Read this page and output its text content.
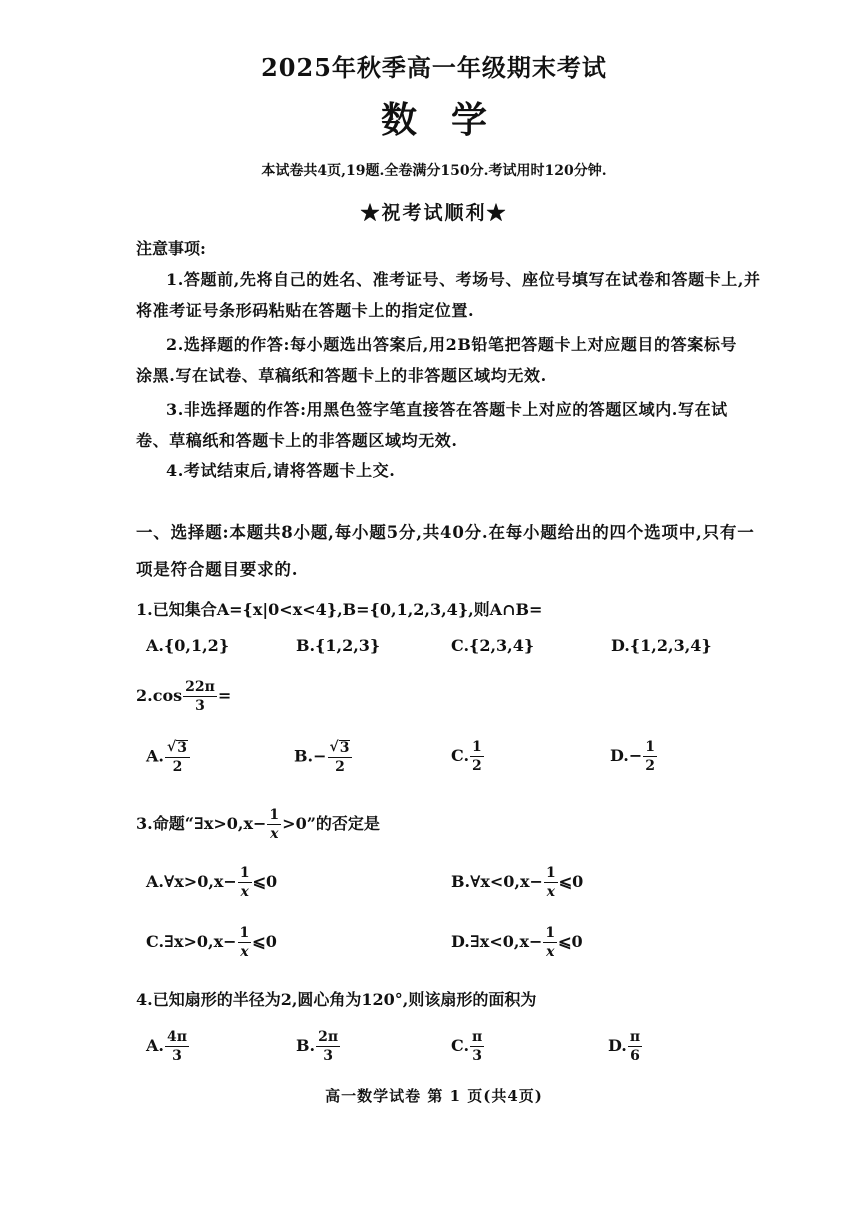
2025年秋季高一年级期末考试
数学
本试卷共4页,19题.全卷满分150分.考试用时120分钟.
★祝考试顺利★
注意事项:
1.答题前,先将自己的姓名、准考证号、考场号、座位号填写在试卷和答题卡上,并
将准考证号条形码粘贴在答题卡上的指定位置.
2.选择题的作答:每小题选出答案后,用2B铅笔把答题卡上对应题目的答案标号
涂黑.写在试卷、草稿纸和答题卡上的非答题区域均无效.
3.非选择题的作答:用黑色签字笔直接答在答题卡上对应的答题区域内.写在试
卷、草稿纸和答题卡上的非答题区域均无效.
4.考试结束后,请将答题卡上交.
一、选择题:本题共8小题,每小题5分,共40分.在每小题给出的四个选项中,只有一
项是符合题目要求的.
1.已知集合A={x|0<x<4},B={0,1,2,3,4},则A∩B=
A.{0,1,2}	B.{1,2,3}	C.{2,3,4}	D.{1,2,3,4}
$2.\cos \frac{22\pi}{3}$ =
A. $\frac{√ 3}{2}$	$B.- \frac{√ 3}{2}$	C. $\frac{1}{2}$	$D.- \frac{1}{2}$
3.命题“∃x>0,x− $\frac{1}{x} >0$”的否定是
A.∀x>0,x− $\frac{1}{x}$ ⩽0	B.∀x<0,x− $\frac{1}{x}$ ⩽0
C.∃x>0,x− $\frac{1}{x}$ ⩽0	D.∃x<0,x− $\frac{1}{x}$ ⩽0
4.已知扇形的半径为2,圆心角为120°,则该扇形的面积为
A. $\frac{4\pi}{3}$	B. $\frac{2\pi}{3}$	C. $\frac{\pi}{3}$	D. $\frac{\pi}{6}$
高一数学试卷 第 1 页(共4页)
